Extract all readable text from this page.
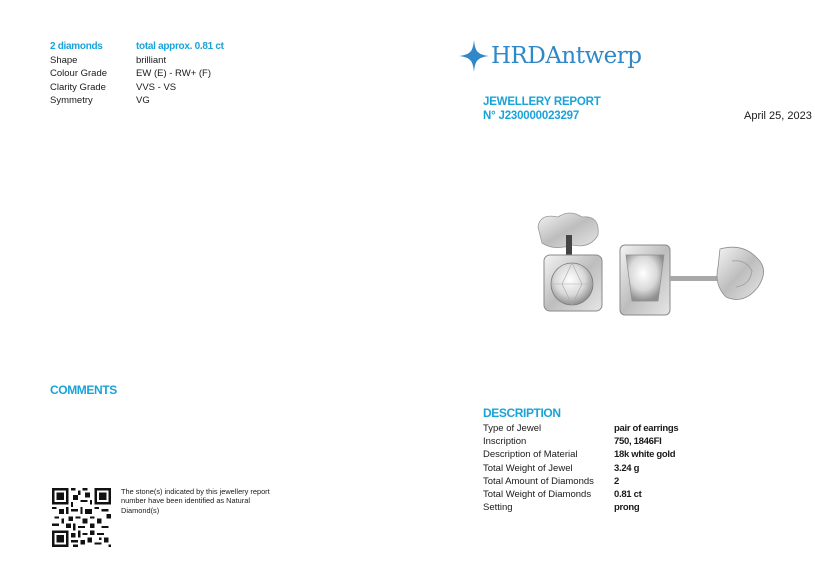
2 diamonds	total approx. 0.81 ct
Shape	brilliant
Colour Grade	EW (E) - RW+ (F)
Clarity Grade	VVS - VS
Symmetry	VG
HRDAntwerp
JEWELLERY REPORT
N° J230000023297	April 25, 2023
COMMENTS
DESCRIPTION
Type of Jewel	pair of earrings
Inscription	750, 1846FI
Description of Material	18k white gold
Total Weight of Jewel	3.24 g
Total Amount of Diamonds	2
Total Weight of Diamonds	0.81 ct
Setting	prong
The stone(s) indicated by this jewellery report number have been identified as Natural Diamond(s)
